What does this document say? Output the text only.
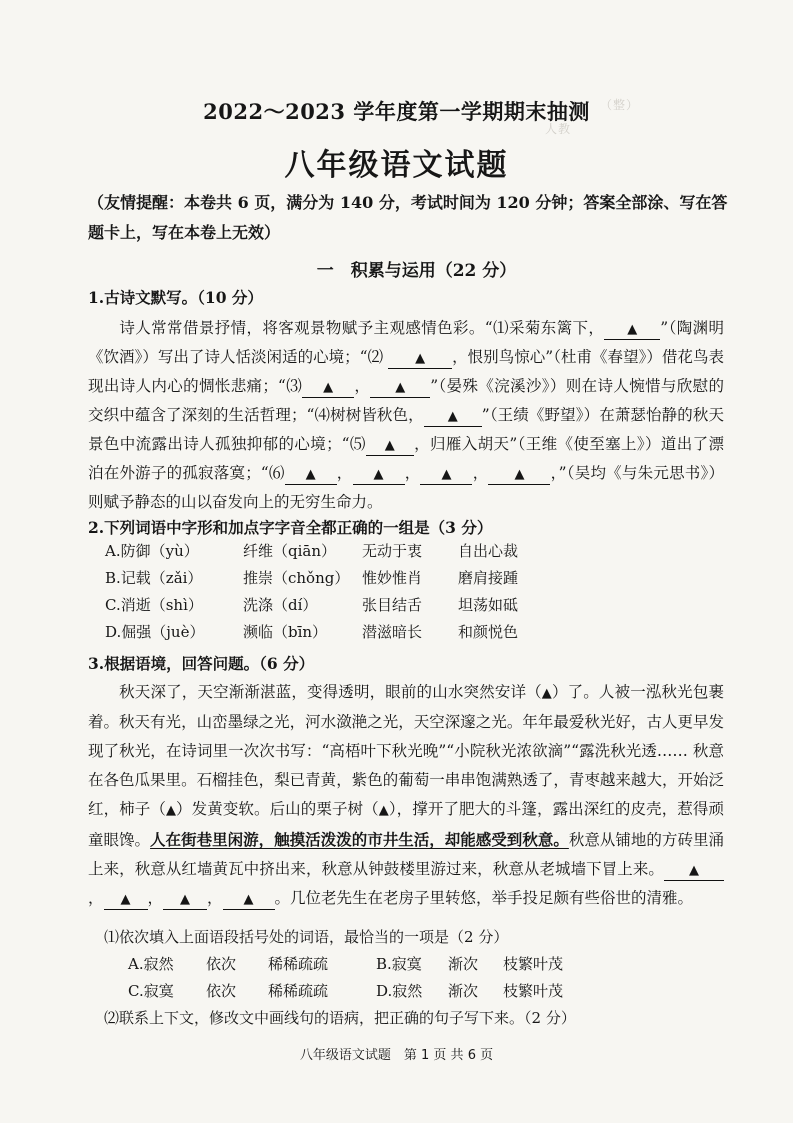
（整）
人教
2022～2023 学年度第一学期期末抽测
八年级语文试题
（友情提醒：本卷共 6 页，满分为 140 分，考试时间为 120 分钟；答案全部涂、写在答题卡上，写在本卷上无效）
一　积累与运用（22 分）
1.古诗文默写。（10 分）
诗人常常借景抒情，将客观景物赋予主观感情色彩。“⑴采菊东篱下， ▲ ”（陶渊明《饮酒》）写出了诗人恬淡闲适的心境；“⑵ ▲ ，恨别鸟惊心”（杜甫《春望》）借花鸟表现出诗人内心的惆怅悲痛；“⑶ ▲ ， ▲ ”（晏殊《浣溪沙》）则在诗人惋惜与欣慰的交织中蕴含了深刻的生活哲理；“⑷树树皆秋色， ▲ ”（王绩《野望》）在萧瑟怡静的秋天景色中流露出诗人孤独抑郁的心境；“⑸ ▲ ，归雁入胡天”（王维《使至塞上》）道出了漂泊在外游子的孤寂落寞；“⑹ ▲ ， ▲ ， ▲ ， ▲ ，”（吴均《与朱元思书》）则赋予静态的山以奋发向上的无穷生命力。
2.下列词语中字形和加点字字音全都正确的一组是（3 分）
A.防御（yù）	纤维（qiān） 无动于衷 自出心裁
B.记载（zǎi）	推崇（chǒng） 惟妙惟肖 磨肩接踵
C.消逝（shì）	洗涤（dí）	张目结舌 坦荡如砥
D.倔强（juè）	濒临（bīn） 潜滋暗长 和颜悦色
3.根据语境，回答问题。（6 分）
秋天深了，天空渐渐湛蓝，变得透明，眼前的山水突然安详（▲）了。人被一泓秋光包裹着。秋天有光，山峦墨绿之光，河水潋滟之光，天空深邃之光。年年最爱秋光好，古人更早发现了秋光，在诗词里一次次书写：“高梧叶下秋光晚”“小院秋光浓欲滴”“露洗秋光透…… 秋意在各色瓜果里。石榴挂色，梨已青黄，紫色的葡萄一串串饱满熟透了，青枣越来越大，开始泛红，柿子（▲）发黄变软。后山的栗子树（▲），撑开了肥大的斗篷，露出深红的皮壳，惹得顽童眼馋。人在街巷里闲游，触摸活泼泼的市井生活，却能感受到秋意。秋意从铺地的方砖里涌上来，秋意从红墙黄瓦中挤出来，秋意从钟鼓楼里游过来，秋意从老城墙下冒上来。 ▲， ▲ ， ▲ ， ▲ 。几位老先生在老房子里转悠，举手投足颇有些俗世的清雅。
⑴依次填入上面语段括号处的词语，最恰当的一项是（2 分）
A.寂然 依次 稀稀疏疏	B.寂寞 渐次 枝繁叶茂
C.寂寞 依次 稀稀疏疏	D.寂然 渐次 枝繁叶茂
⑵联系上下文，修改文中画线句的语病，把正确的句子写下来。（2 分）
八年级语文试题　第 1 页 共 6 页
